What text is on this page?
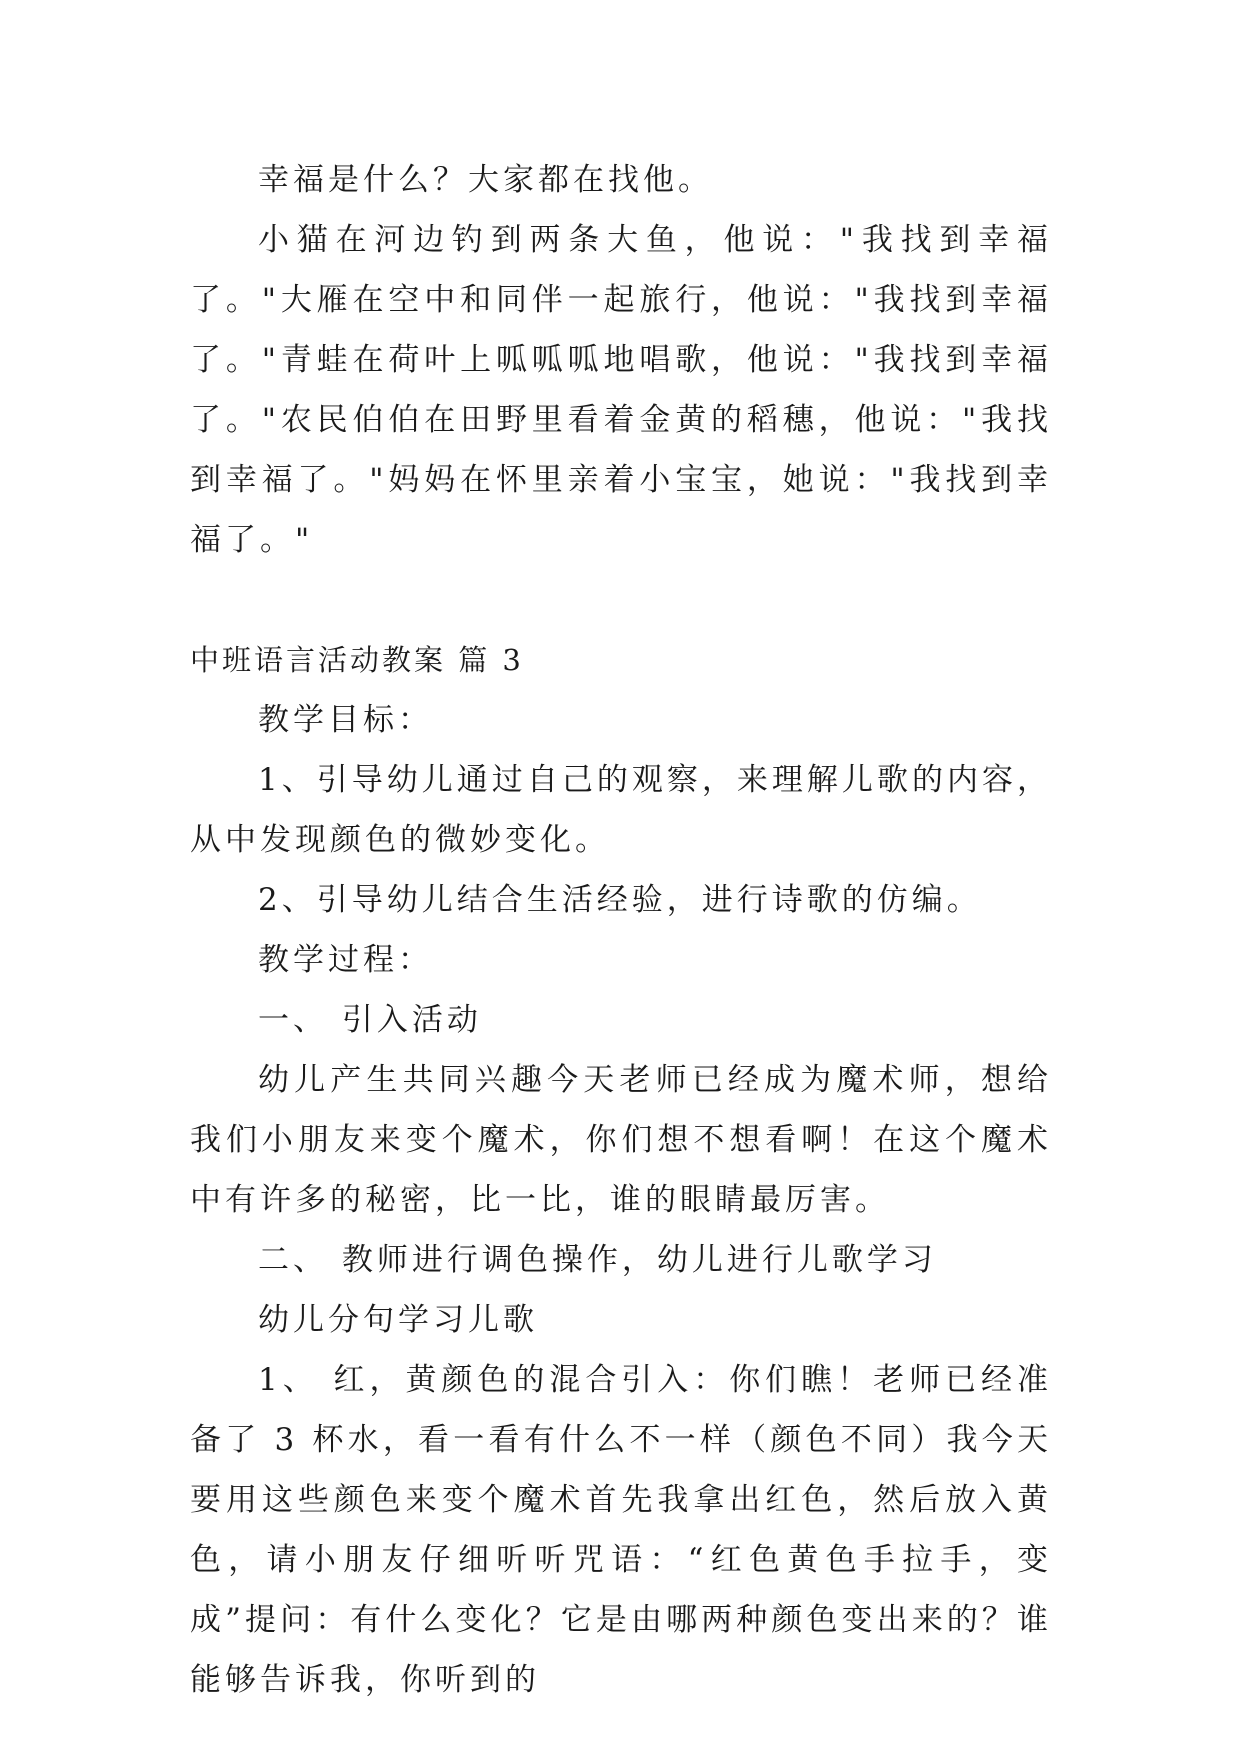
幸福是什么？大家都在找他。

小猫在河边钓到两条大鱼，他说："我找到幸福了。"大雁在空中和同伴一起旅行，他说："我找到幸福了。"青蛙在荷叶上呱呱呱地唱歌，他说："我找到幸福了。"农民伯伯在田野里看着金黄的稻穗，他说："我找到幸福了。"妈妈在怀里亲着小宝宝，她说："我找到幸福了。"

中班语言活动教案 篇 3

教学目标：

1、引导幼儿通过自己的观察，来理解儿歌的内容，从中发现颜色的微妙变化。

2、引导幼儿结合生活经验，进行诗歌的仿编。

教学过程：

一、 引入活动

幼儿产生共同兴趣今天老师已经成为魔术师，想给我们小朋友来变个魔术，你们想不想看啊！在这个魔术中有许多的秘密，比一比，谁的眼睛最厉害。

二、 教师进行调色操作，幼儿进行儿歌学习

幼儿分句学习儿歌

1、 红，黄颜色的混合引入：你们瞧！老师已经准备了 3 杯水，看一看有什么不一样（颜色不同）我今天要用这些颜色来变个魔术首先我拿出红色，然后放入黄色，请小朋友仔细听听咒语：“红色黄色手拉手，变成”提问：有什么变化？它是由哪两种颜色变出来的？谁能够告诉我，你听到的
